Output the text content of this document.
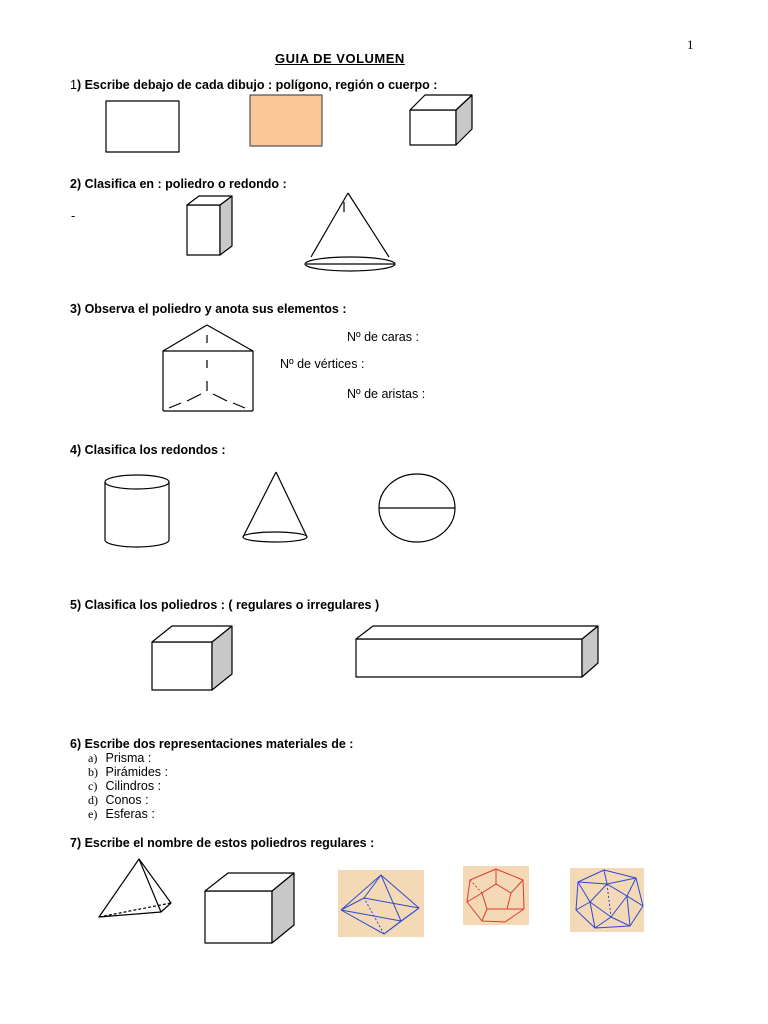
1
GUIA DE VOLUMEN
1) Escribe debajo de cada dibujo : polígono, región o cuerpo :
2) Clasifica en : poliedro o redondo :
-
3) Observa el poliedro y anota sus elementos :
Nº de caras :
Nº de vértices :
Nº de aristas :
4) Clasifica los redondos :
5) Clasifica los poliedros : ( regulares o irregulares )
6) Escribe dos representaciones materiales de :
a) Prisma :
b) Pirámides :
c) Cilindros :
d) Conos :
e) Esferas :
7) Escribe el nombre de estos poliedros regulares :
